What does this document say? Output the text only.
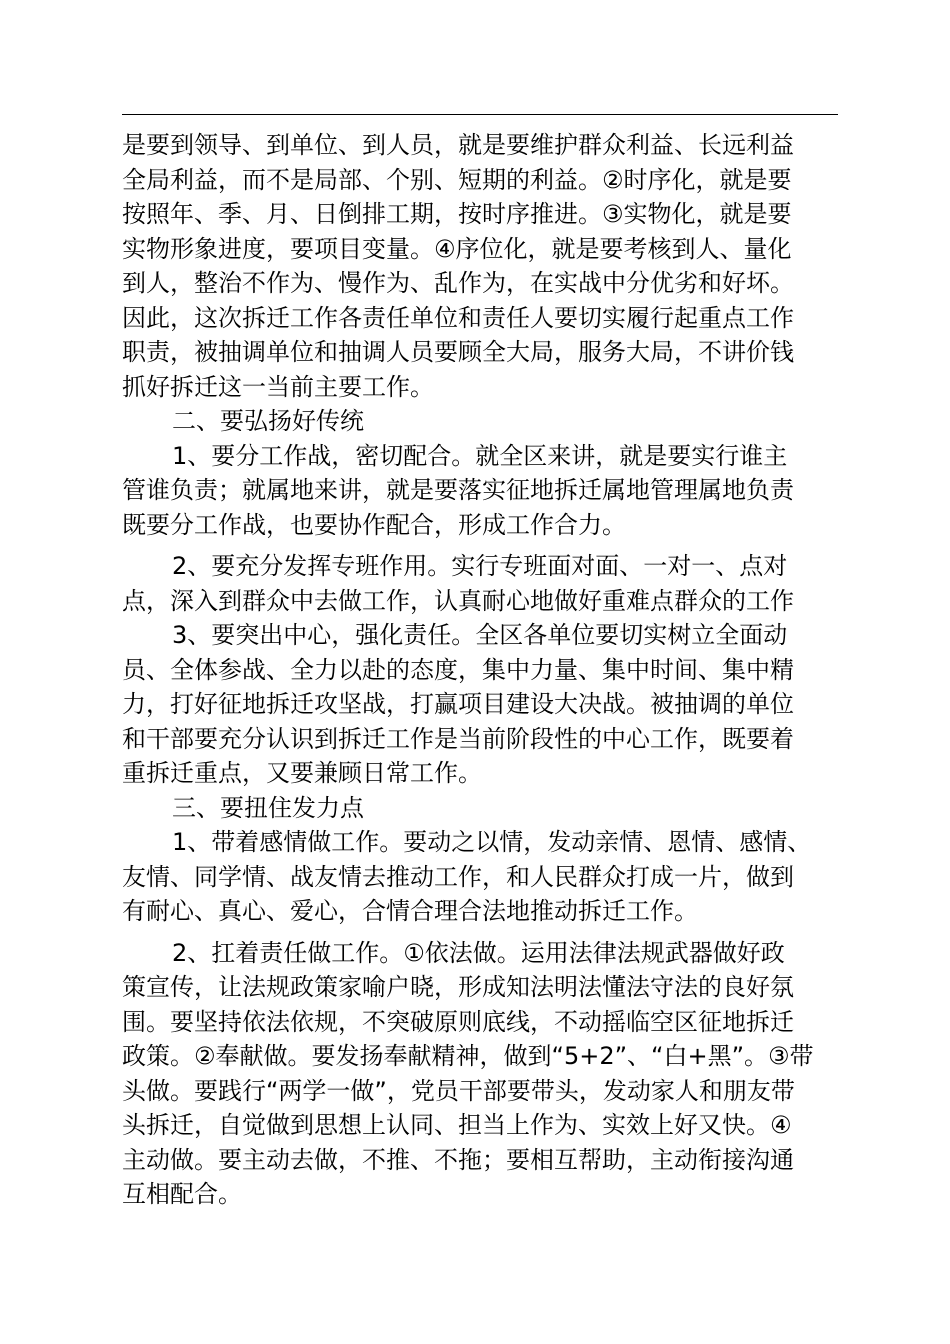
是要到领导、到单位、到人员，就是要维护群众利益、长远利益
全局利益，而不是局部、个别、短期的利益。②时序化，就是要
按照年、季、月、日倒排工期，按时序推进。③实物化，就是要
实物形象进度，要项目变量。④序位化，就是要考核到人、量化
到人，整治不作为、慢作为、乱作为，在实战中分优劣和好坏。
因此，这次拆迁工作各责任单位和责任人要切实履行起重点工作
职责，被抽调单位和抽调人员要顾全大局，服务大局，不讲价钱
抓好拆迁这一当前主要工作。
二、要弘扬好传统
1、要分工作战，密切配合。就全区来讲，就是要实行谁主
管谁负责；就属地来讲，就是要落实征地拆迁属地管理属地负责
既要分工作战，也要协作配合，形成工作合力。
2、要充分发挥专班作用。实行专班面对面、一对一、点对
点，深入到群众中去做工作，认真耐心地做好重难点群众的工作
3、要突出中心，强化责任。全区各单位要切实树立全面动
员、全体参战、全力以赴的态度，集中力量、集中时间、集中精
力，打好征地拆迁攻坚战，打赢项目建设大决战。被抽调的单位
和干部要充分认识到拆迁工作是当前阶段性的中心工作，既要着
重拆迁重点，又要兼顾日常工作。
三、要扭住发力点
1、带着感情做工作。要动之以情，发动亲情、恩情、感情、
友情、同学情、战友情去推动工作，和人民群众打成一片，做到
有耐心、真心、爱心，合情合理合法地推动拆迁工作。
2、扛着责任做工作。①依法做。运用法律法规武器做好政
策宣传，让法规政策家喻户晓，形成知法明法懂法守法的良好氛
围。要坚持依法依规，不突破原则底线，不动摇临空区征地拆迁
政策。②奉献做。要发扬奉献精神，做到“5+2”、“白+黑”。③带
头做。要践行“两学一做”，党员干部要带头，发动家人和朋友带
头拆迁，自觉做到思想上认同、担当上作为、实效上好又快。④
主动做。要主动去做，不推、不拖；要相互帮助，主动衔接沟通
互相配合。
